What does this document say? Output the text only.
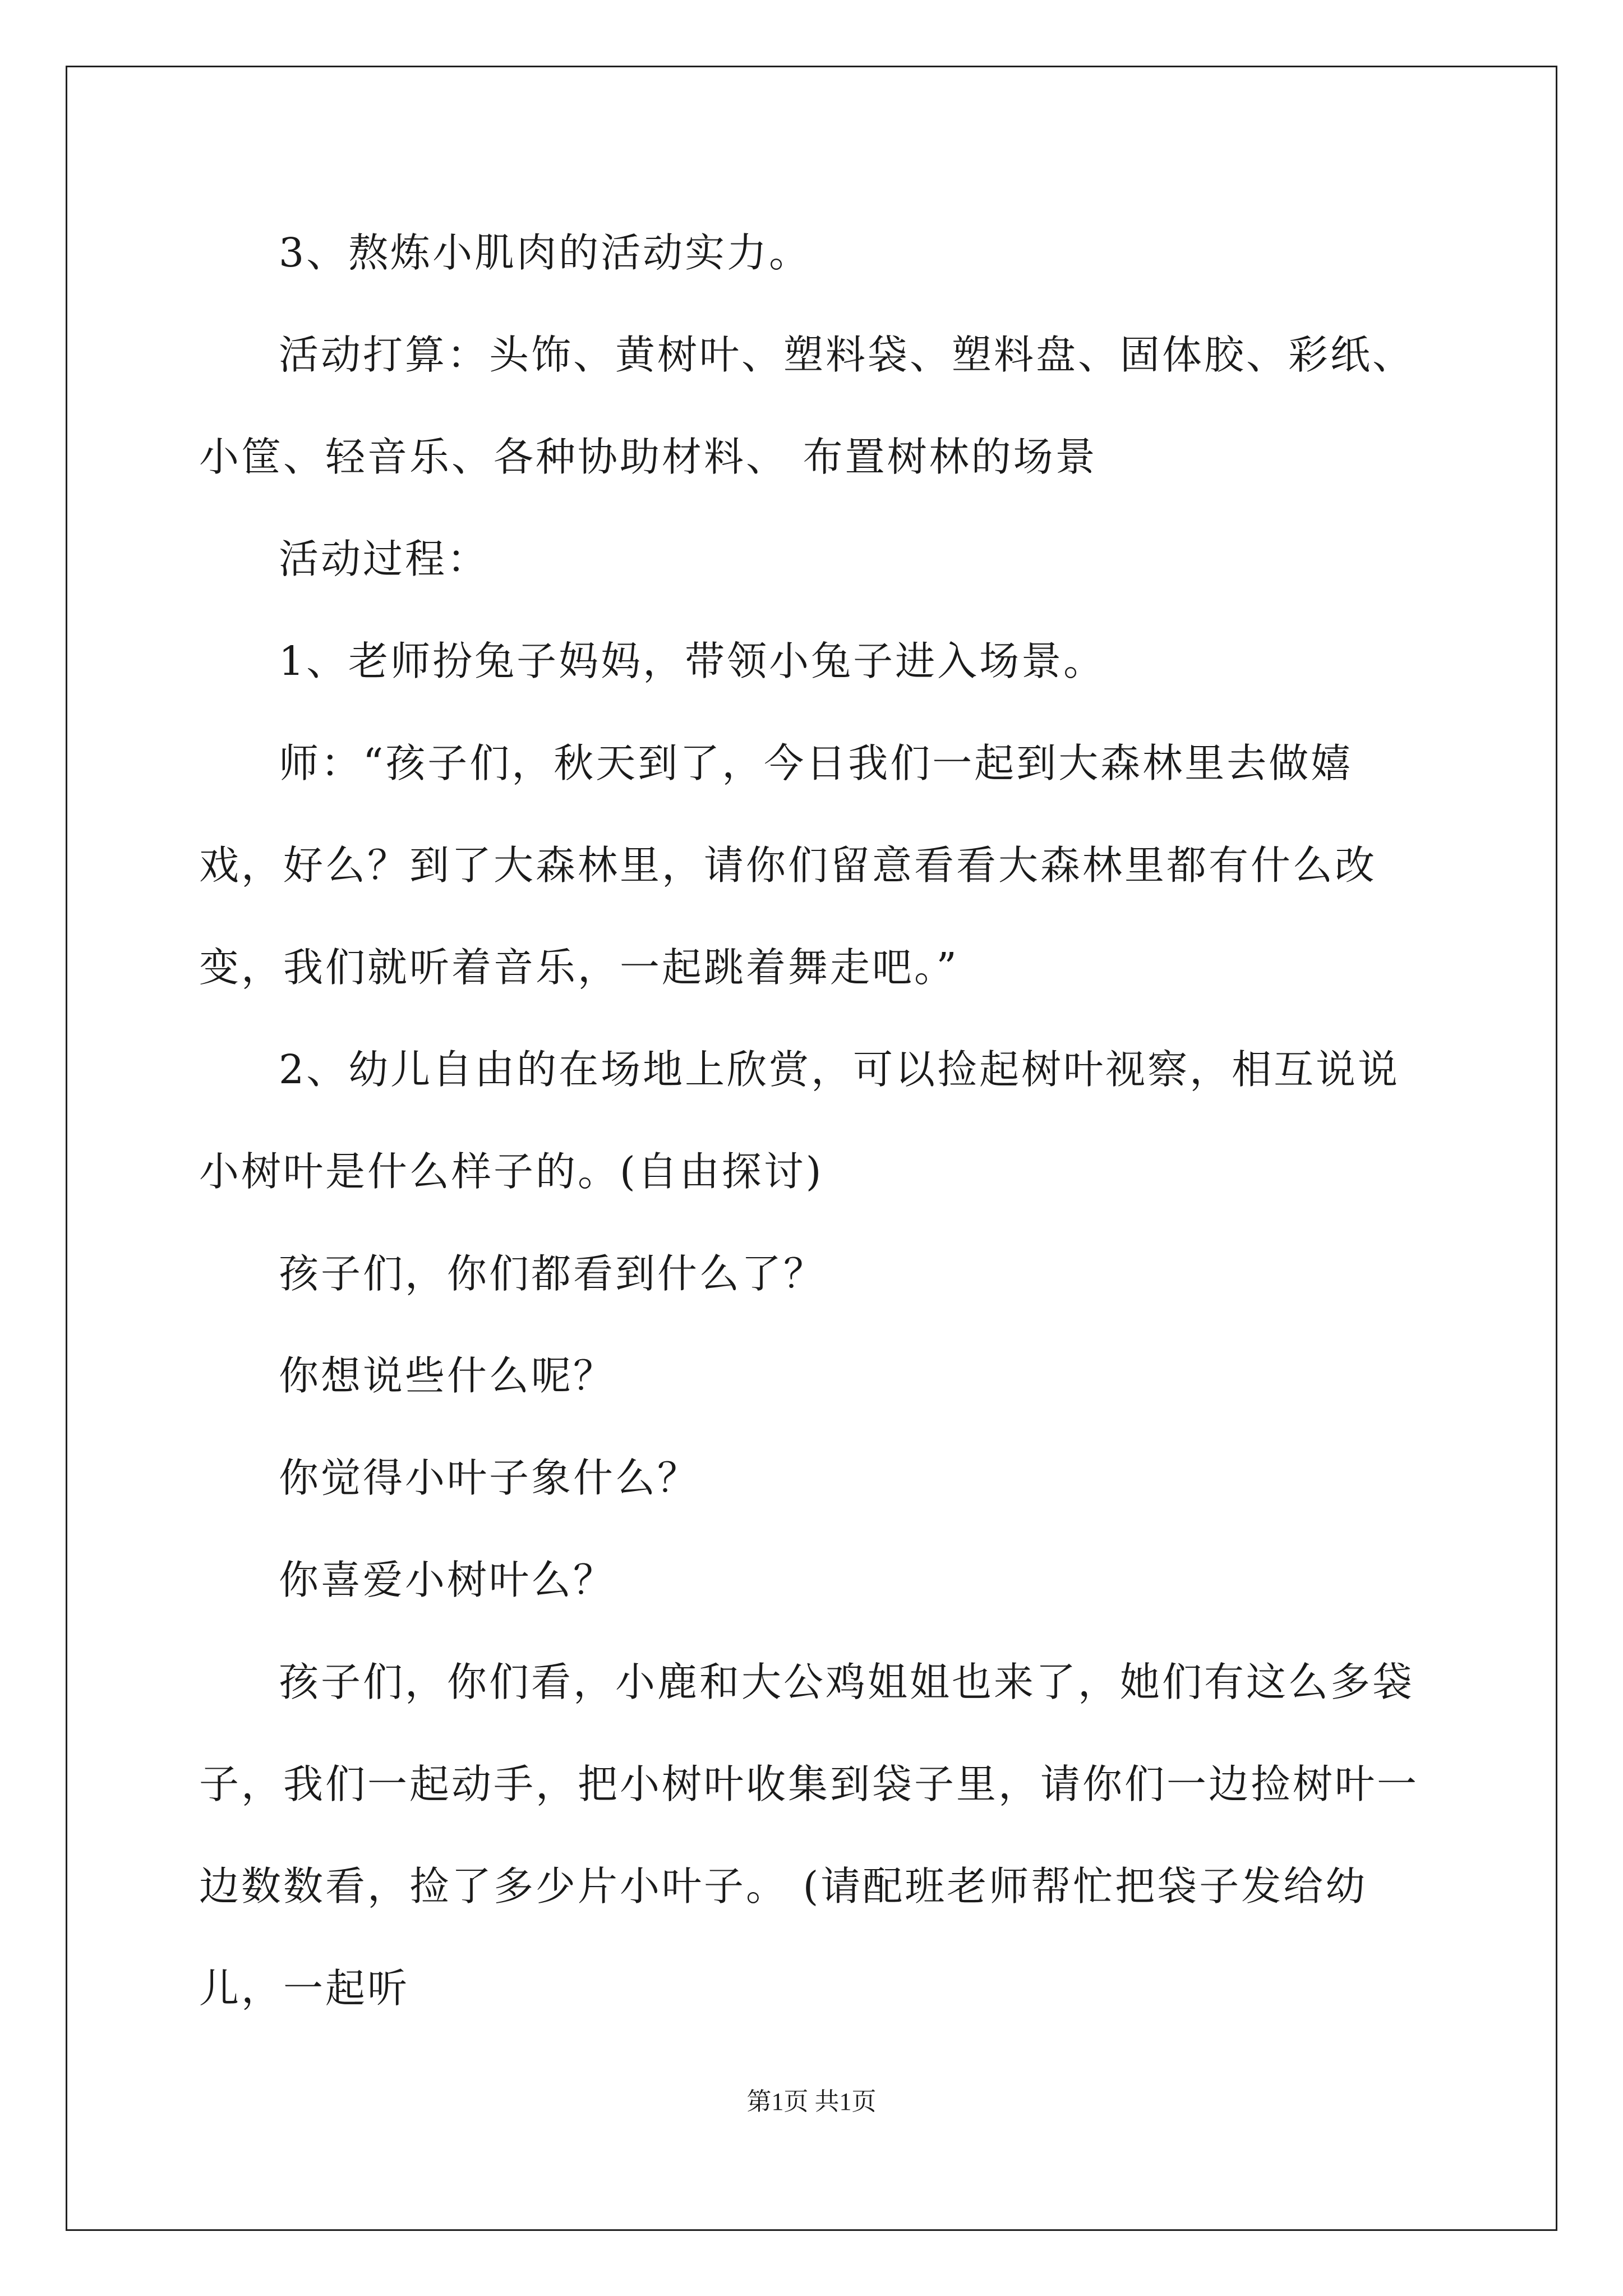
3、熬炼小肌肉的活动实力。

活动打算：头饰、黄树叶、塑料袋、塑料盘、固体胶、彩纸、小筐、轻音乐、各种协助材料、 布置树林的场景

活动过程：

1、老师扮兔子妈妈，带领小兔子进入场景。

师：“孩子们，秋天到了，今日我们一起到大森林里去做嬉戏，好么？到了大森林里，请你们留意看看大森林里都有什么改变，我们就听着音乐，一起跳着舞走吧。”

2、幼儿自由的在场地上欣赏，可以捡起树叶视察，相互说说小树叶是什么样子的。(自由探讨)

孩子们，你们都看到什么了？

你想说些什么呢？

你觉得小叶子象什么？

你喜爱小树叶么？

孩子们，你们看，小鹿和大公鸡姐姐也来了，她们有这么多袋子，我们一起动手，把小树叶收集到袋子里，请你们一边捡树叶一边数数看，捡了多少片小叶子。 (请配班老师帮忙把袋子发给幼儿，一起听

第1页 共1页
